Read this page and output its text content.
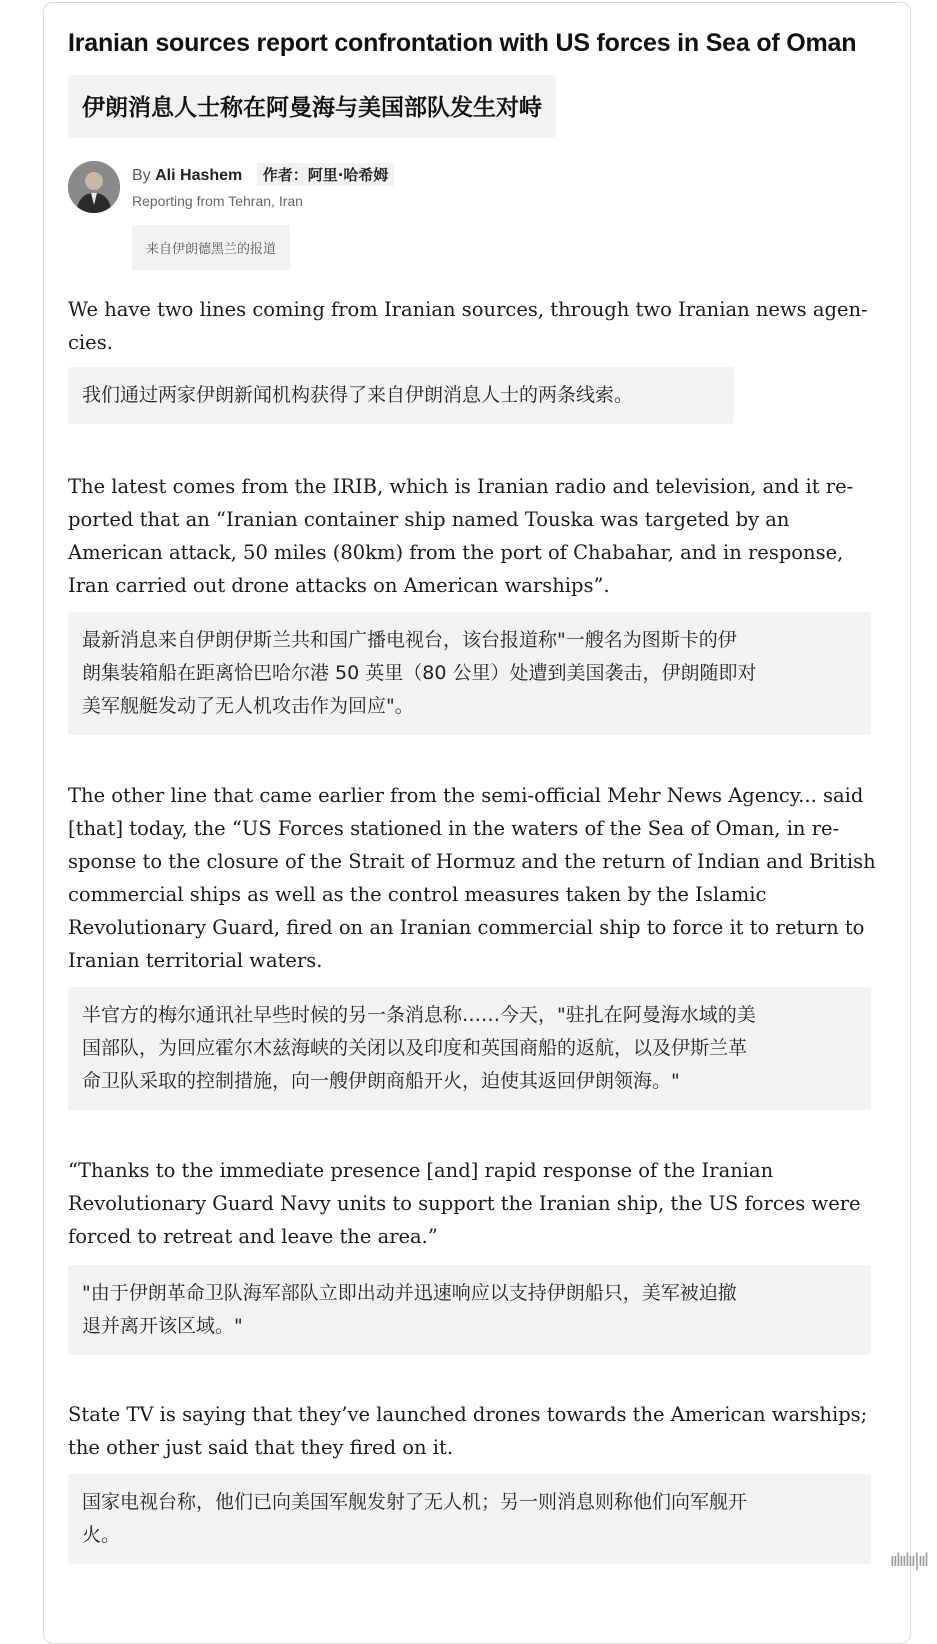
Iranian sources report confrontation with US forces in Sea of Oman
伊朗消息人士称在阿曼海与美国部队发生对峙
By Ali Hashem 作者：阿里·哈希姆
Reporting from Tehran, Iran
来自伊朗德黑兰的报道
We have two lines coming from Iranian sources, through two Iranian news agen-
cies.
我们通过两家伊朗新闻机构获得了来自伊朗消息人士的两条线索。
The latest comes from the IRIB, which is Iranian radio and television, and it re-
ported that an “Iranian container ship named Touska was targeted by an
American attack, 50 miles (80km) from the port of Chabahar, and in response,
Iran carried out drone attacks on American warships”.
最新消息来自伊朗伊斯兰共和国广播电视台，该台报道称"一艘名为图斯卡的伊
朗集装箱船在距离恰巴哈尔港 50 英里（80 公里）处遭到美国袭击，伊朗随即对
美军舰艇发动了无人机攻击作为回应"。
The other line that came earlier from the semi-official Mehr News Agency... said
[that] today, the “US Forces stationed in the waters of the Sea of Oman, in re-
sponse to the closure of the Strait of Hormuz and the return of Indian and British
commercial ships as well as the control measures taken by the Islamic
Revolutionary Guard, fired on an Iranian commercial ship to force it to return to
Iranian territorial waters.
半官方的梅尔通讯社早些时候的另一条消息称……今天，"驻扎在阿曼海水域的美
国部队，为回应霍尔木兹海峡的关闭以及印度和英国商船的返航，以及伊斯兰革
命卫队采取的控制措施，向一艘伊朗商船开火，迫使其返回伊朗领海。"
“Thanks to the immediate presence [and] rapid response of the Iranian
Revolutionary Guard Navy units to support the Iranian ship, the US forces were
forced to retreat and leave the area.”
"由于伊朗革命卫队海军部队立即出动并迅速响应以支持伊朗船只，美军被迫撤
退并离开该区域。"
State TV is saying that they’ve launched drones towards the American warships;
the other just said that they fired on it.
国家电视台称，他们已向美国军舰发射了无人机；另一则消息则称他们向军舰开
火。
ıılıılıı|ııl
